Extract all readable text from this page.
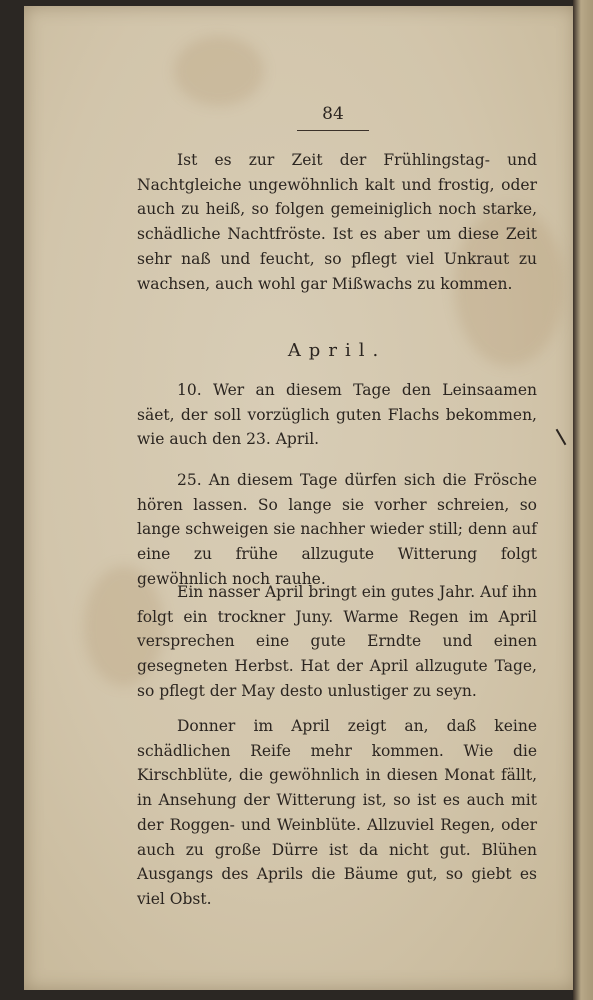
84

Ist es zur Zeit der Frühlingstag- und Nachtgleiche ungewöhnlich kalt und frostig, oder auch zu heiß, so folgen gemeiniglich noch starke, schädliche Nachtfröste. Ist es aber um diese Zeit sehr naß und feucht, so pflegt viel Unkraut zu wachsen, auch wohl gar Mißwachs zu kommen.

April.

10. Wer an diesem Tage den Leinsaamen säet, der soll vorzüglich guten Flachs bekommen, wie auch den 23. April.

25. An diesem Tage dürfen sich die Frösche hören lassen. So lange sie vorher schreien, so lange schweigen sie nachher wieder still; denn auf eine zu frühe allzugute Witterung folgt gewöhnlich noch rauhe.

Ein nasser April bringt ein gutes Jahr. Auf ihn folgt ein trockner Juny. Warme Regen im April versprechen eine gute Erndte und einen gesegneten Herbst. Hat der April allzugute Tage, so pflegt der May desto unlustiger zu seyn.

Donner im April zeigt an, daß keine schädlichen Reife mehr kommen. Wie die Kirschblüte, die gewöhnlich in diesen Monat fällt, in Ansehung der Witterung ist, so ist es auch mit der Roggen- und Weinblüte. Allzuviel Regen, oder auch zu große Dürre ist da nicht gut. Blühen Ausgangs des Aprils die Bäume gut, so giebt es viel Obst.
